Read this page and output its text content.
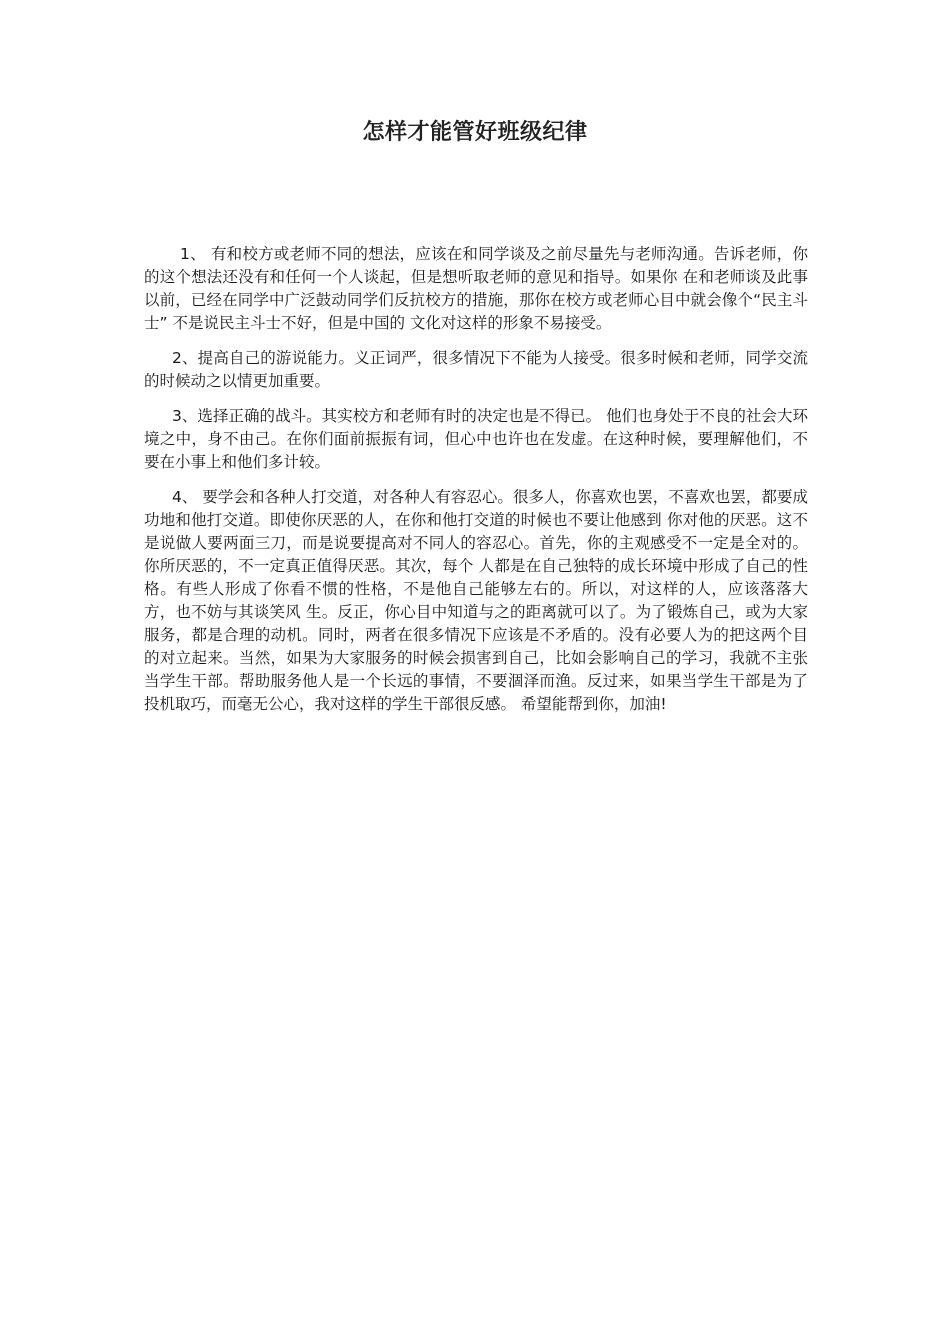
怎样才能管好班级纪律

1、 有和校方或老师不同的想法，应该在和同学谈及之前尽量先与老师沟通。告诉老师，你的这个想法还没有和任何一个人谈起，但是想听取老师的意见和指导。如果你 在和老师谈及此事以前，已经在同学中广泛鼓动同学们反抗校方的措施，那你在校方或老师心目中就会像个“民主斗士” 不是说民主斗士不好，但是中国的 文化对这样的形象不易接受。

2、提高自己的游说能力。义正词严，很多情况下不能为人接受。很多时候和老师，同学交流的时候动之以情更加重要。

3、选择正确的战斗。其实校方和老师有时的决定也是不得已。 他们也身处于不良的社会大环境之中，身不由己。在你们面前振振有词，但心中也许也在发虚。在这种时候，要理解他们，不要在小事上和他们多计较。

4、 要学会和各种人打交道，对各种人有容忍心。很多人，你喜欢也罢，不喜欢也罢，都要成功地和他打交道。即使你厌恶的人，在你和他打交道的时候也不要让他感到 你对他的厌恶。这不是说做人要两面三刀，而是说要提高对不同人的容忍心。首先，你的主观感受不一定是全对的。你所厌恶的，不一定真正值得厌恶。其次，每个 人都是在自己独特的成长环境中形成了自己的性格。有些人形成了你看不惯的性格，不是他自己能够左右的。所以，对这样的人，应该落落大方，也不妨与其谈笑风 生。反正，你心目中知道与之的距离就可以了。为了锻炼自己，或为大家服务，都是合理的动机。同时，两者在很多情况下应该是不矛盾的。没有必要人为的把这两个目的对立起来。当然，如果为大家服务的时候会损害到自己，比如会影响自己的学习，我就不主张当学生干部。帮助服务他人是一个长远的事情，不要涸泽而渔。反过来，如果当学生干部是为了投机取巧，而毫无公心，我对这样的学生干部很反感。 希望能帮到你，加油!
